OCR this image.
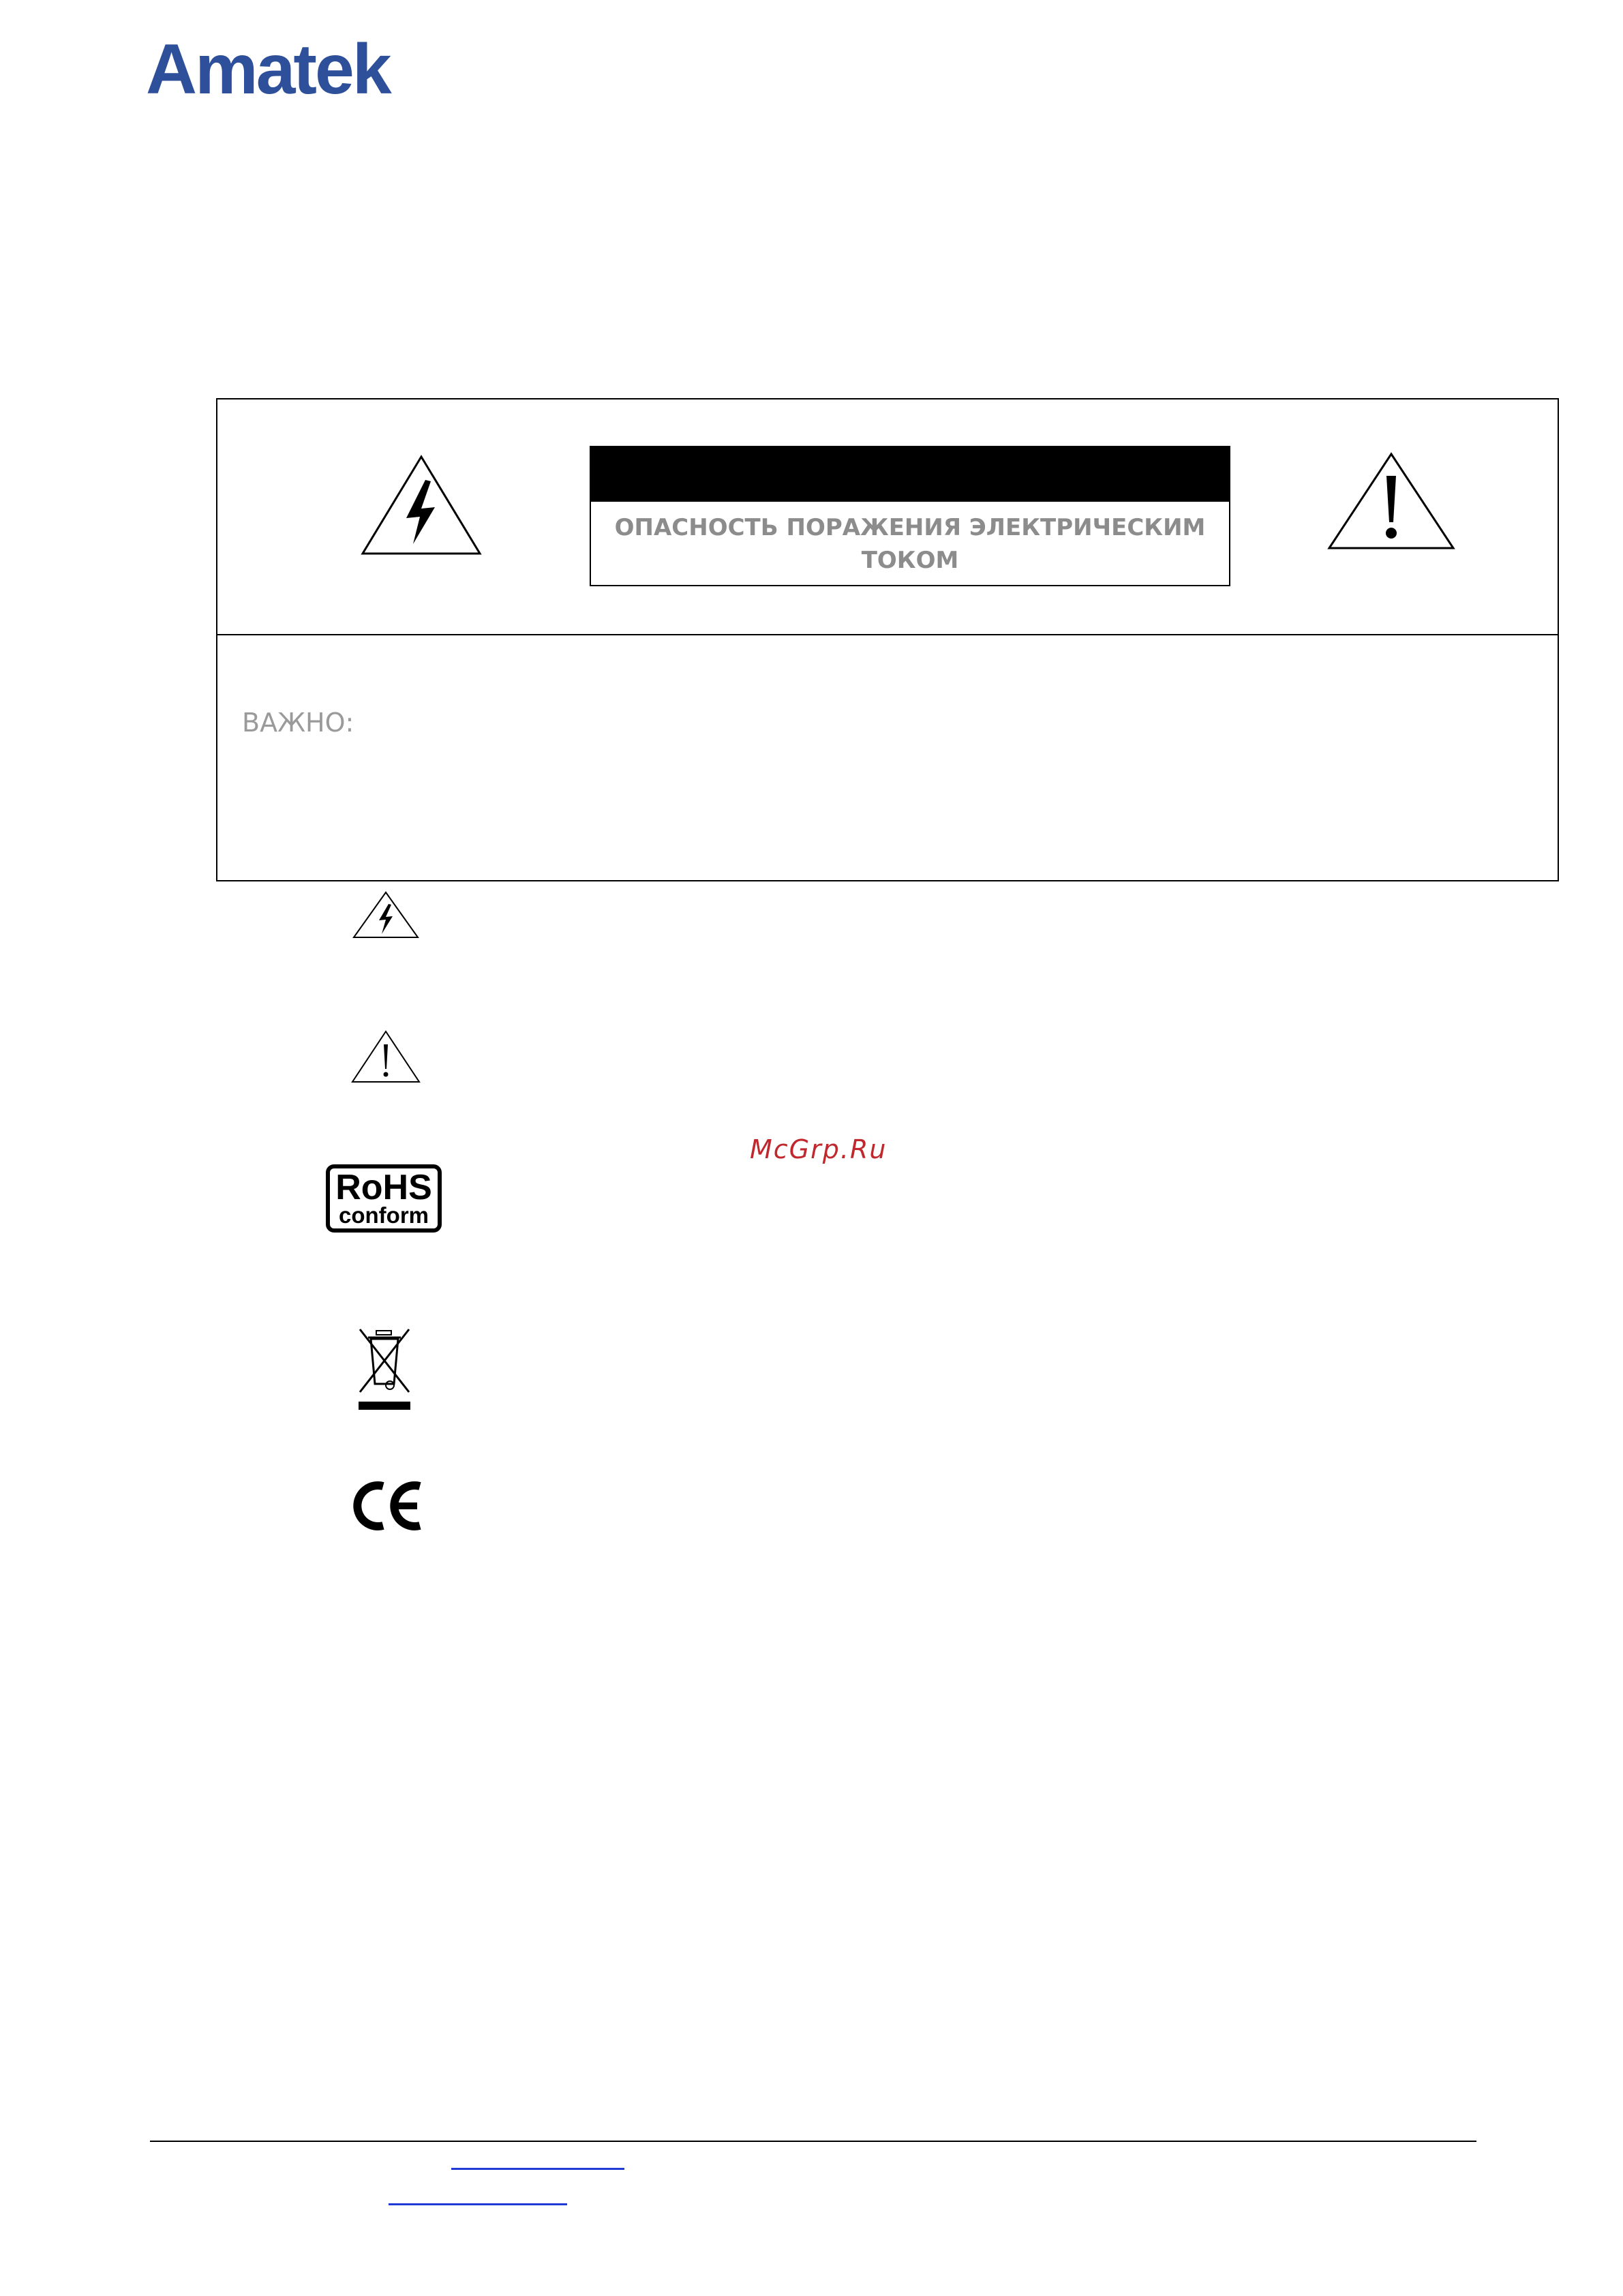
Amatek
ОПАСНОСТЬ ПОРАЖЕНИЯ ЭЛЕКТРИЧЕСКИМ ТОКОМ
ВАЖНО:
RoHS
conform
McGrp.Ru
